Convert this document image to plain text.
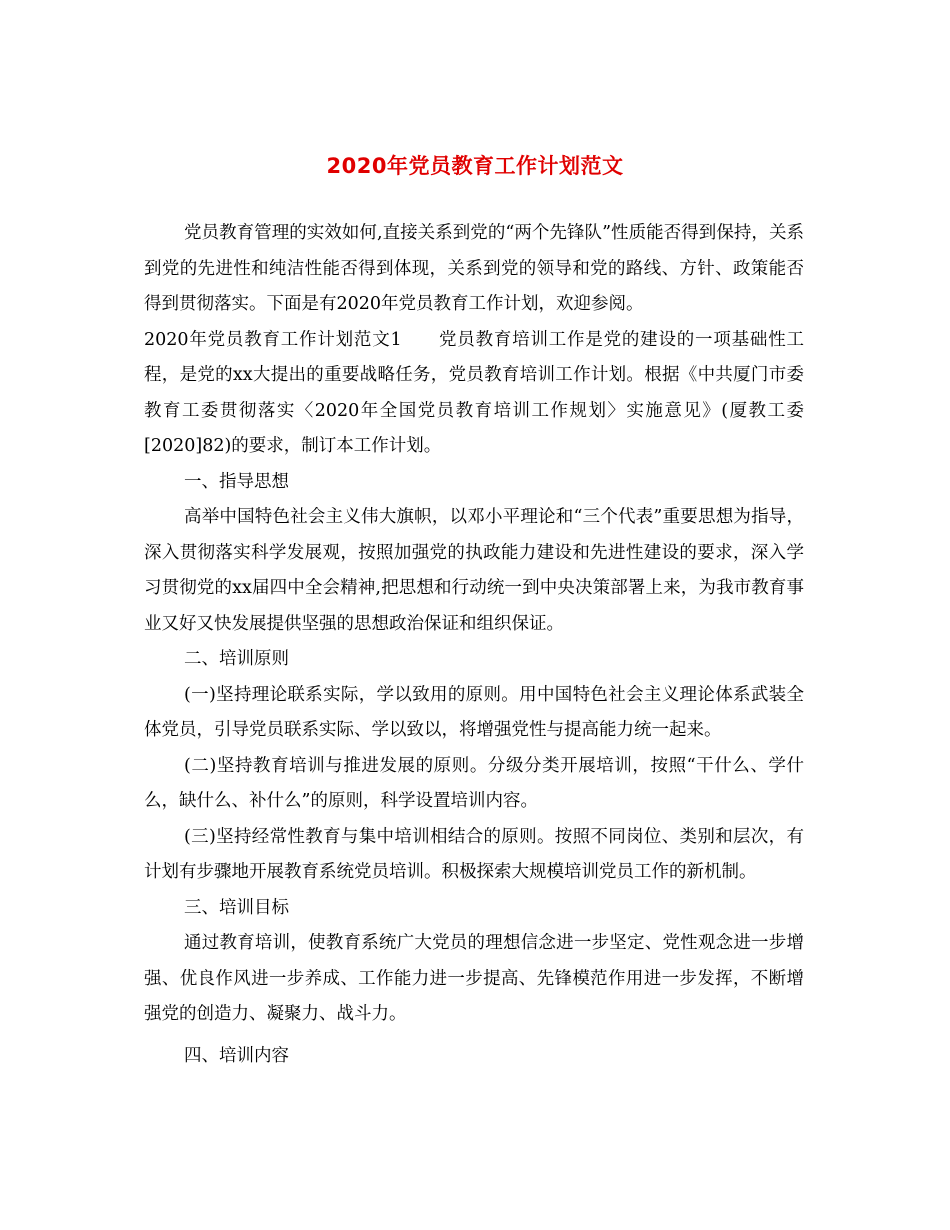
2020年党员教育工作计划范文

党员教育管理的实效如何,直接关系到党的“两个先锋队”性质能否得到保持，关系到党的先进性和纯洁性能否得到体现，关系到党的领导和党的路线、方针、政策能否得到贯彻落实。下面是有2020年党员教育工作计划，欢迎参阅。

2020年党员教育工作计划范文1　　党员教育培训工作是党的建设的一项基础性工程，是党的xx大提出的重要战略任务，党员教育培训工作计划。根据《中共厦门市委教育工委贯彻落实〈2020年全国党员教育培训工作规划〉实施意见》(厦教工委[2020]82)的要求，制订本工作计划。

一、指导思想

高举中国特色社会主义伟大旗帜，以邓小平理论和“三个代表”重要思想为指导，深入贯彻落实科学发展观，按照加强党的执政能力建设和先进性建设的要求，深入学习贯彻党的xx届四中全会精神,把思想和行动统一到中央决策部署上来，为我市教育事业又好又快发展提供坚强的思想政治保证和组织保证。

二、培训原则

(一)坚持理论联系实际，学以致用的原则。用中国特色社会主义理论体系武装全体党员，引导党员联系实际、学以致以，将增强党性与提高能力统一起来。

(二)坚持教育培训与推进发展的原则。分级分类开展培训，按照“干什么、学什么，缺什么、补什么”的原则，科学设置培训内容。

(三)坚持经常性教育与集中培训相结合的原则。按照不同岗位、类别和层次，有计划有步骤地开展教育系统党员培训。积极探索大规模培训党员工作的新机制。

三、培训目标

通过教育培训，使教育系统广大党员的理想信念进一步坚定、党性观念进一步增强、优良作风进一步养成、工作能力进一步提高、先锋模范作用进一步发挥，不断增强党的创造力、凝聚力、战斗力。

四、培训内容
